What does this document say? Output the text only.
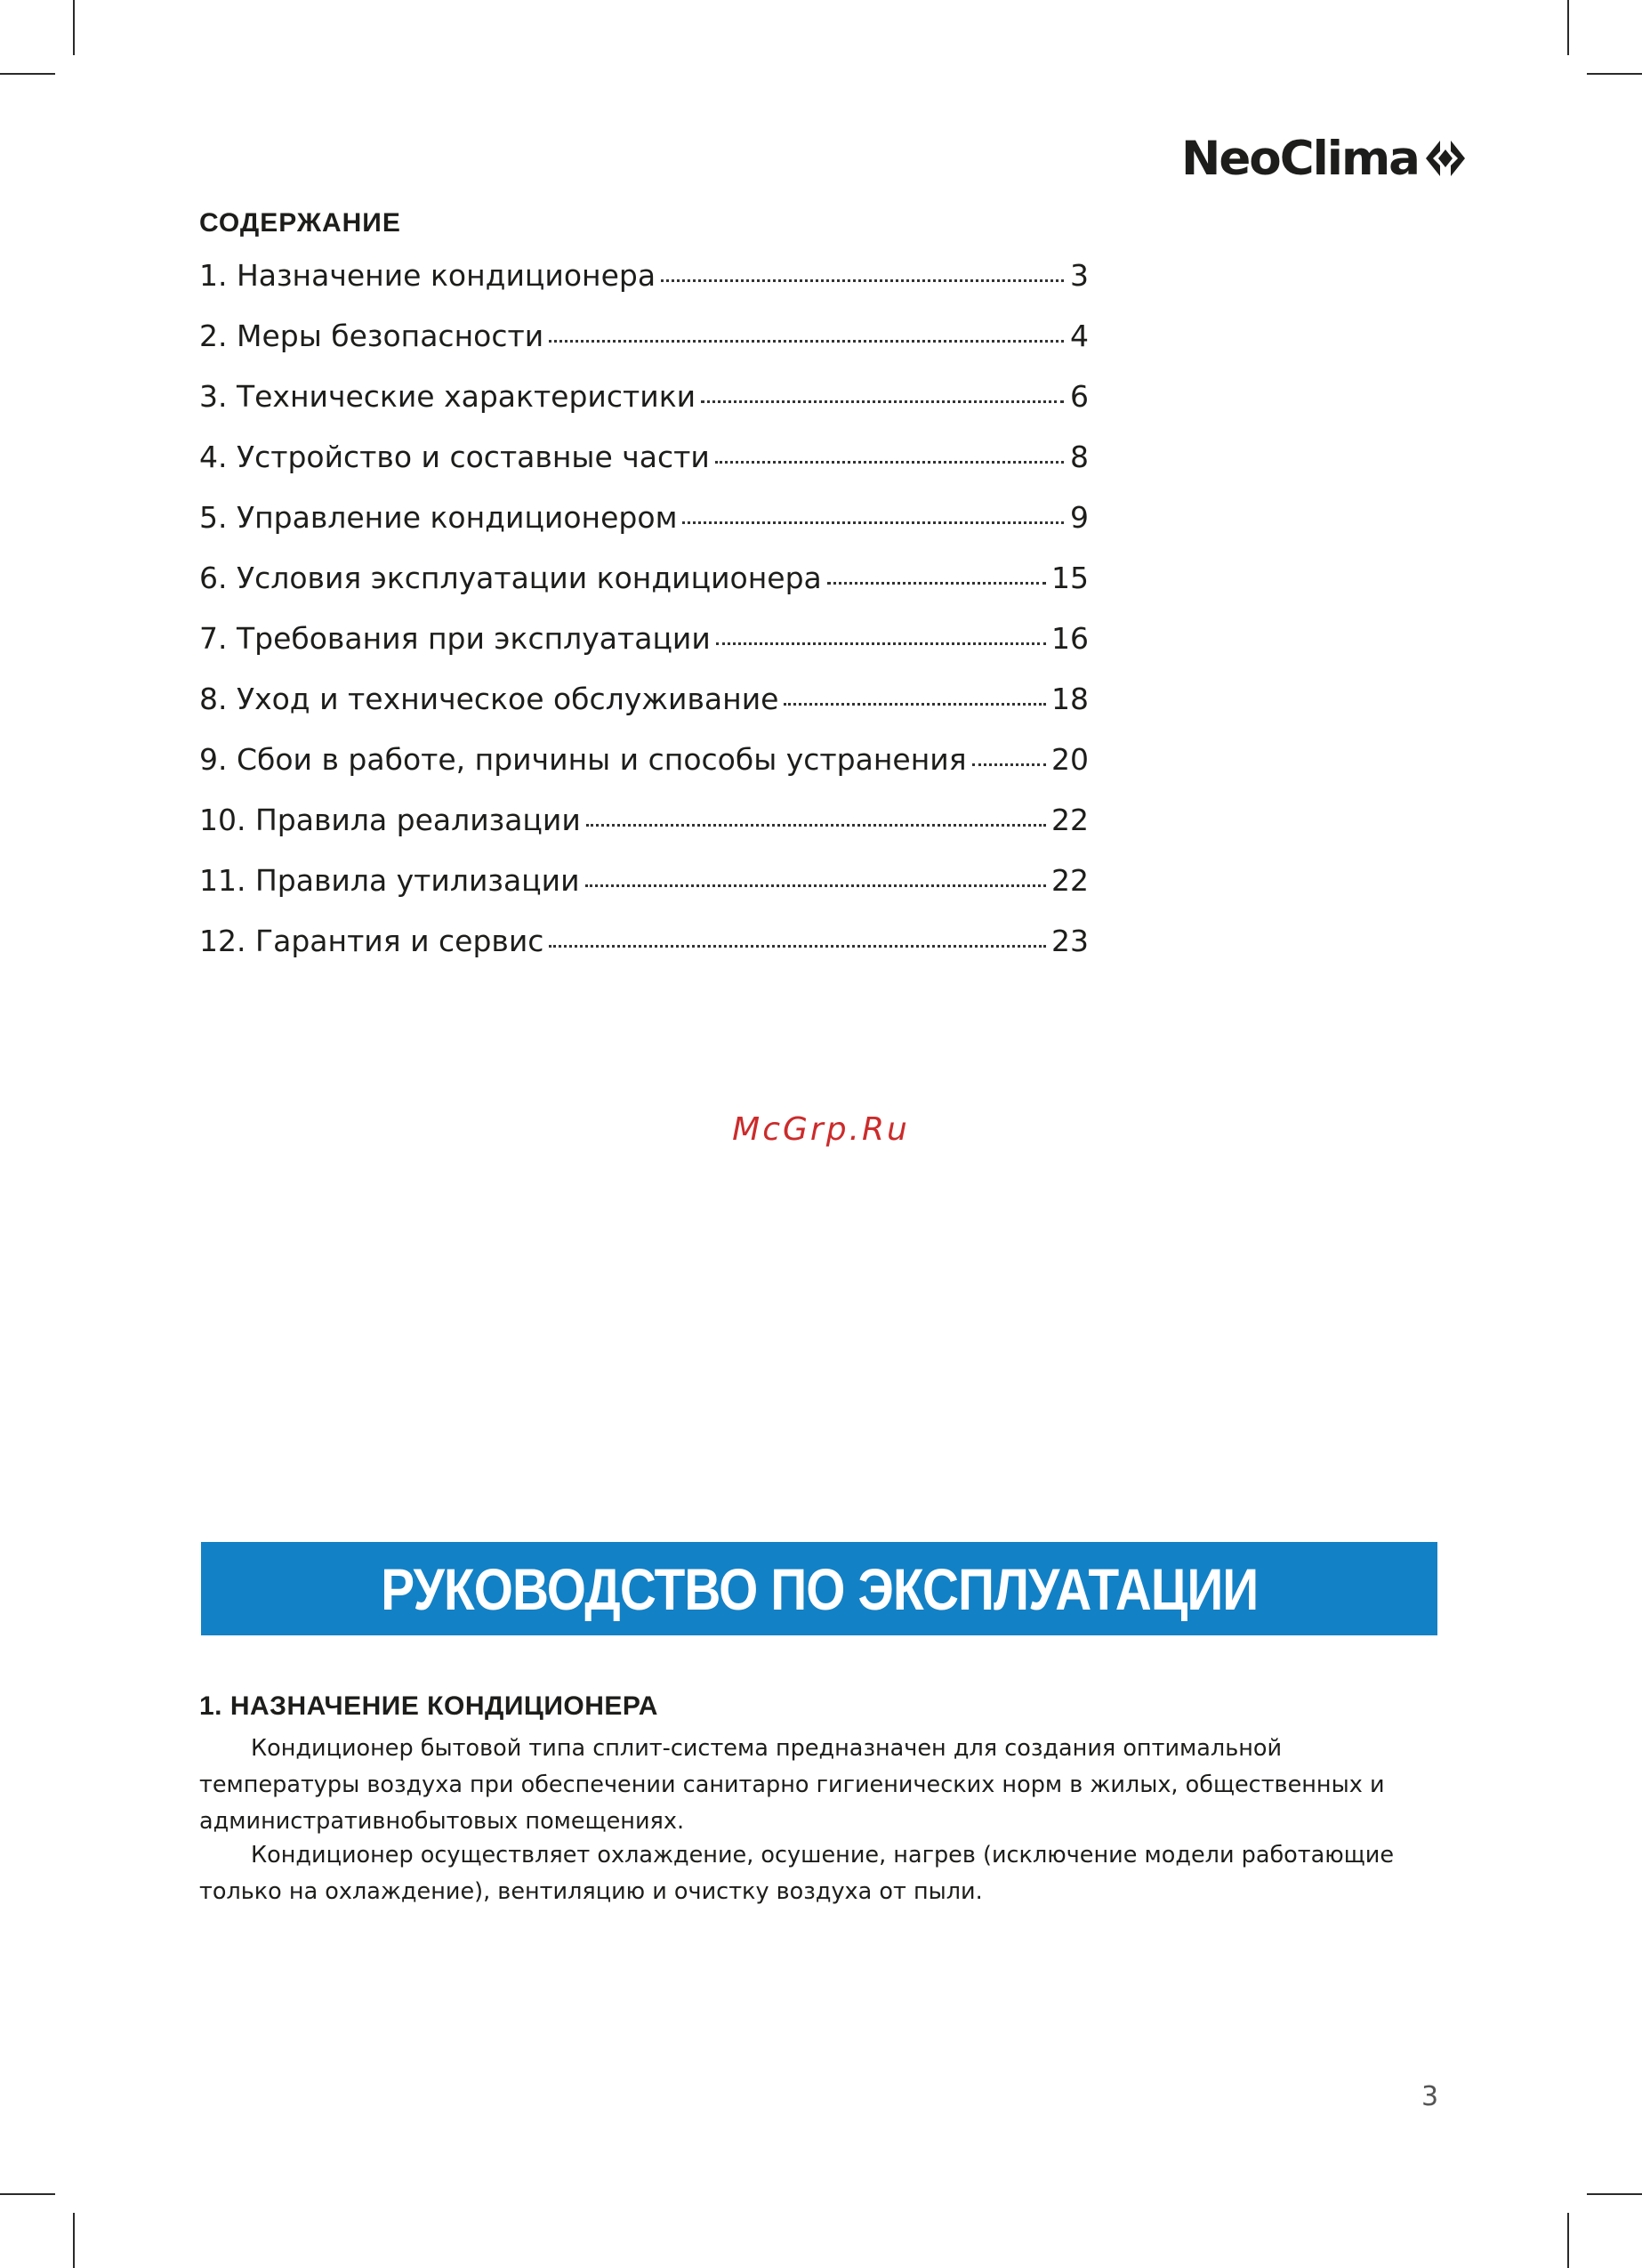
NeoClima
СОДЕРЖАНИЕ
1. Назначение кондиционера	3
2. Меры безопасности	4
3. Технические характеристики	6
4. Устройство и составные части	8
5. Управление кондиционером	9
6. Условия эксплуатации кондиционера	15
7. Требования при эксплуатации	16
8. Уход и техническое обслуживание	18
9. Сбои в работе, причины и способы устранения	20
10. Правила реализации	22
11. Правила утилизации	22
12. Гарантия и сервис	23
McGrp.Ru
РУКОВОДСТВО ПО ЭКСПЛУАТАЦИИ
1. НАЗНАЧЕНИЕ КОНДИЦИОНЕРА

Кондиционер бытовой типа сплит-система предназначен для создания оптимальной температуры воздуха при обеспечении санитарно гигиенических норм в жилых, общественных и административнобытовых помещениях.

Кондиционер осуществляет охлаждение, осушение, нагрев (исключение модели работающие только на охлаждение), вентиляцию и очистку воздуха от пыли.

3
